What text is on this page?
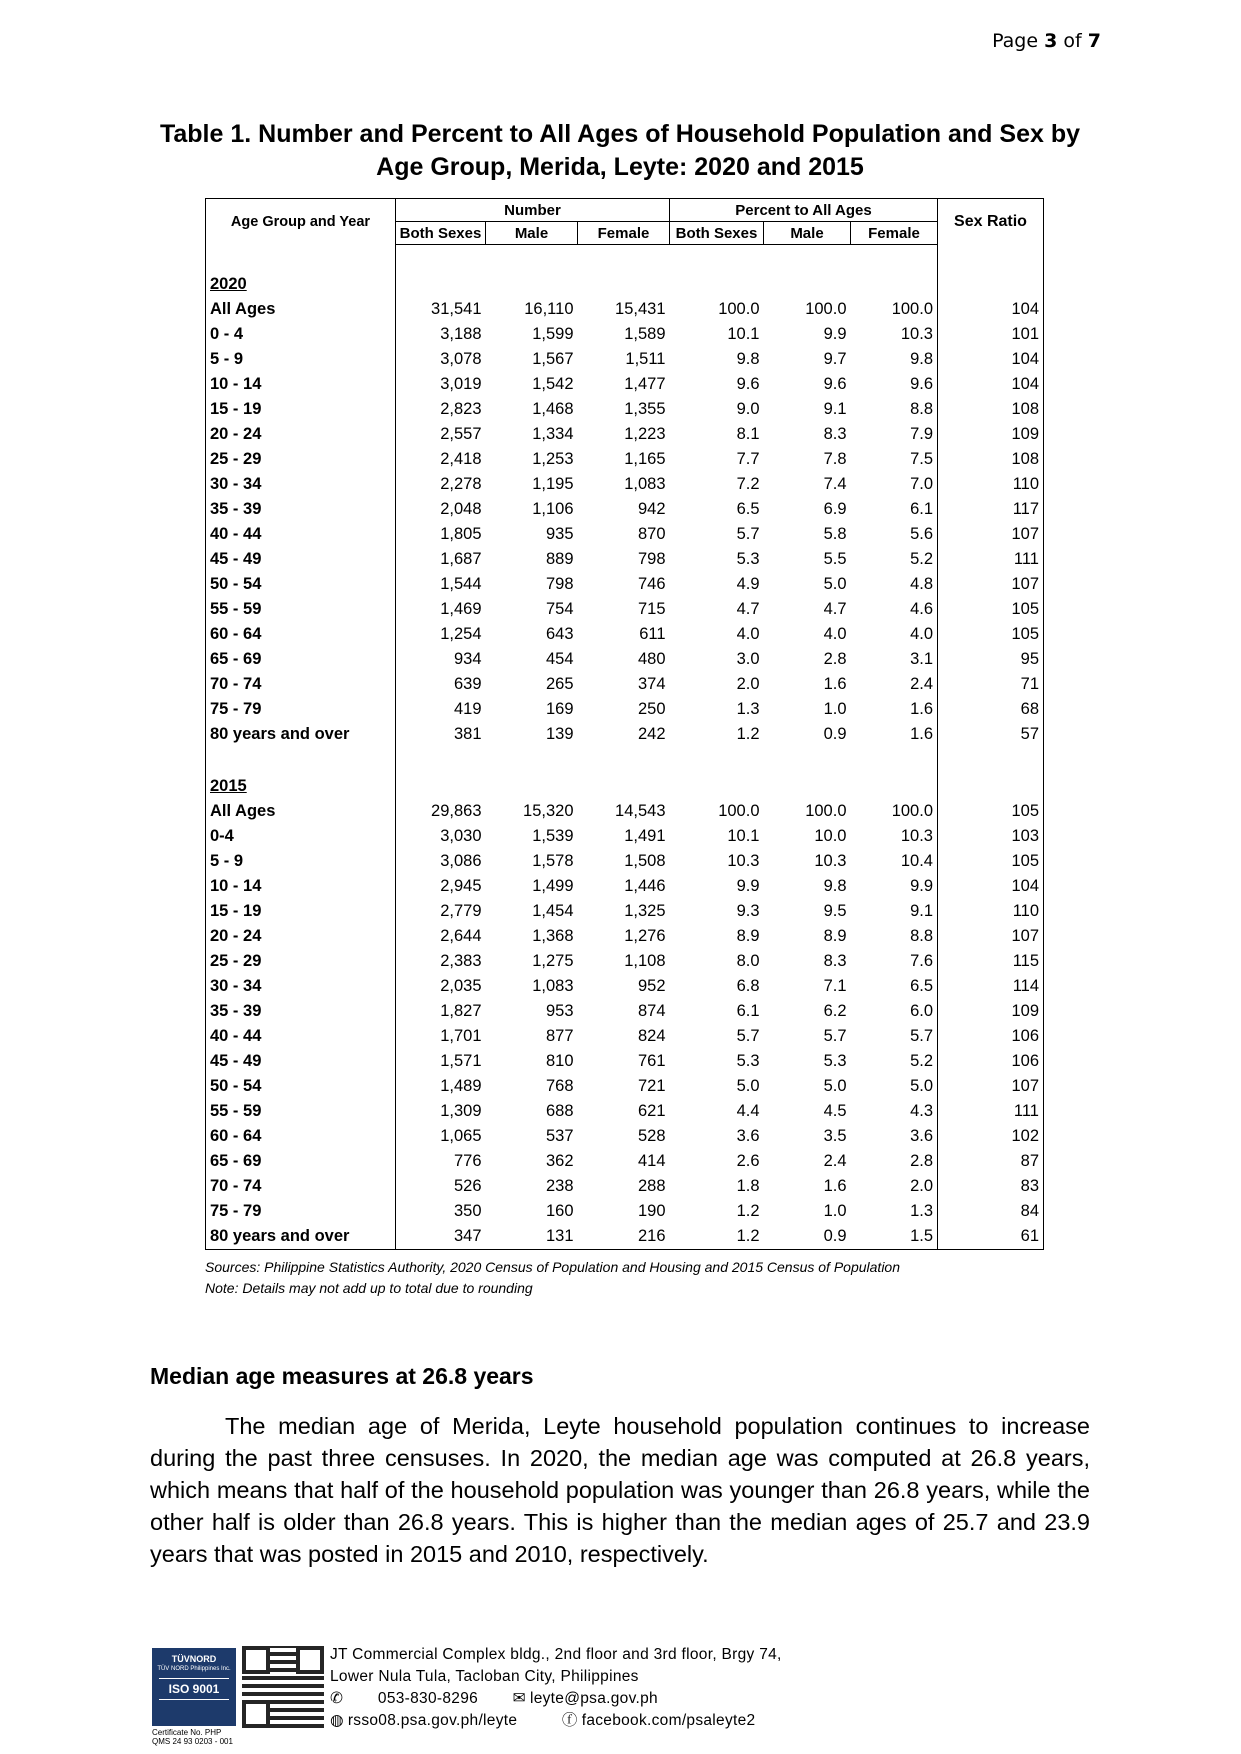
Page 3 of 7
Table 1. Number and Percent to All Ages of Household Population and Sex by Age Group, Merida, Leyte: 2020 and 2015
Age Group and Year	Number			Percent to All Ages			Sex Ratio
	Both Sexes	Male	Female	Both Sexes	Male	Female	

2020							
All Ages	31,541	16,110	15,431	100.0	100.0	100.0	104
0 - 4	3,188	1,599	1,589	10.1	9.9	10.3	101
5 - 9	3,078	1,567	1,511	9.8	9.7	9.8	104
10 - 14	3,019	1,542	1,477	9.6	9.6	9.6	104
15 - 19	2,823	1,468	1,355	9.0	9.1	8.8	108
20 - 24	2,557	1,334	1,223	8.1	8.3	7.9	109
25 - 29	2,418	1,253	1,165	7.7	7.8	7.5	108
30 - 34	2,278	1,195	1,083	7.2	7.4	7.0	110
35 - 39	2,048	1,106	942	6.5	6.9	6.1	117
40 - 44	1,805	935	870	5.7	5.8	5.6	107
45 - 49	1,687	889	798	5.3	5.5	5.2	111
50 - 54	1,544	798	746	4.9	5.0	4.8	107
55 - 59	1,469	754	715	4.7	4.7	4.6	105
60 - 64	1,254	643	611	4.0	4.0	4.0	105
65 - 69	934	454	480	3.0	2.8	3.1	95
70 - 74	639	265	374	2.0	1.6	2.4	71
75 - 79	419	169	250	1.3	1.0	1.6	68
80 years and over	381	139	242	1.2	0.9	1.6	57

2015							
All Ages	29,863	15,320	14,543	100.0	100.0	100.0	105
0-4	3,030	1,539	1,491	10.1	10.0	10.3	103
5 - 9	3,086	1,578	1,508	10.3	10.3	10.4	105
10 - 14	2,945	1,499	1,446	9.9	9.8	9.9	104
15 - 19	2,779	1,454	1,325	9.3	9.5	9.1	110
20 - 24	2,644	1,368	1,276	8.9	8.9	8.8	107
25 - 29	2,383	1,275	1,108	8.0	8.3	7.6	115
30 - 34	2,035	1,083	952	6.8	7.1	6.5	114
35 - 39	1,827	953	874	6.1	6.2	6.0	109
40 - 44	1,701	877	824	5.7	5.7	5.7	106
45 - 49	1,571	810	761	5.3	5.3	5.2	106
50 - 54	1,489	768	721	5.0	5.0	5.0	107
55 - 59	1,309	688	621	4.4	4.5	4.3	111
60 - 64	1,065	537	528	3.6	3.5	3.6	102
65 - 69	776	362	414	2.6	2.4	2.8	87
70 - 74	526	238	288	1.8	1.6	2.0	83
75 - 79	350	160	190	1.2	1.0	1.3	84
80 years and over	347	131	216	1.2	0.9	1.5	61
Sources: Philippine Statistics Authority, 2020 Census of Population and Housing and 2015 Census of Population
Note: Details may not add up to total due to rounding
Median age measures at 26.8 years
The median age of Merida, Leyte household population continues to increase during the past three censuses. In 2020, the median age was computed at 26.8 years, which means that half of the household population was younger than 26.8 years, while the other half is older than 26.8 years. This is higher than the median ages of 25.7 and 23.9 years that was posted in 2015 and 2010, respectively.
TÜVNORD
TÜV NORD Philippines Inc.
ISO 9001
Certificate No. PHP
QMS 24 93 0203 - 001
JT Commercial Complex bldg., 2nd floor and 3rd floor, Brgy 74,
Lower Nula Tula, Tacloban City, Philippines
✆ 053-830-8296 ✉ leyte@psa.gov.ph
◍ rsso08.psa.gov.ph/leyte	ⓕ facebook.com/psaleyte2
